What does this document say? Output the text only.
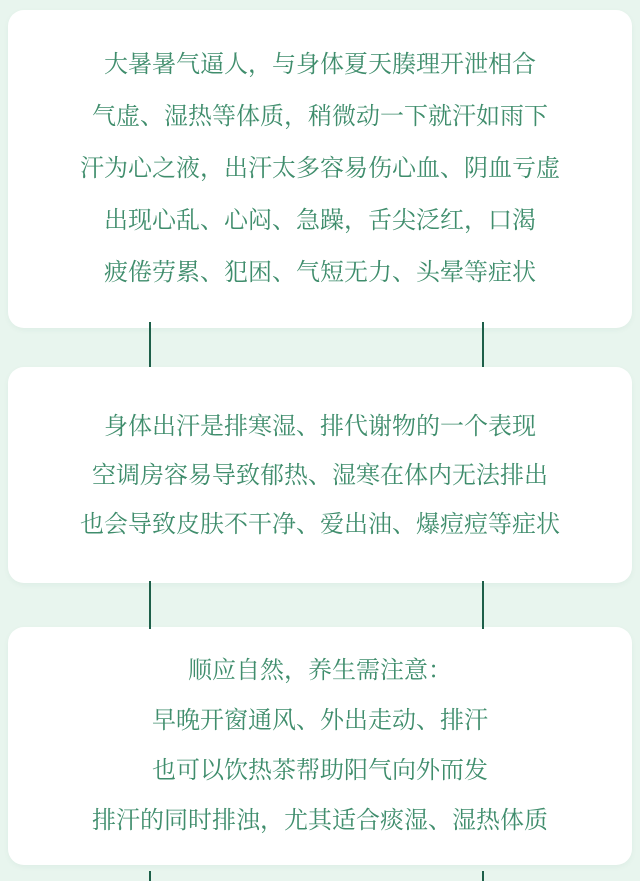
大暑暑气逼人，与身体夏天腠理开泄相合

气虚、湿热等体质，稍微动一下就汗如雨下

汗为心之液，出汗太多容易伤心血、阴血亏虚

出现心乱、心闷、急躁，舌尖泛红，口渴

疲倦劳累、犯困、气短无力、头晕等症状

身体出汗是排寒湿、排代谢物的一个表现

空调房容易导致郁热、湿寒在体内无法排出

也会导致皮肤不干净、爱出油、爆痘痘等症状

顺应自然，养生需注意：

早晚开窗通风、外出走动、排汗

也可以饮热茶帮助阳气向外而发

排汗的同时排浊，尤其适合痰湿、湿热体质
